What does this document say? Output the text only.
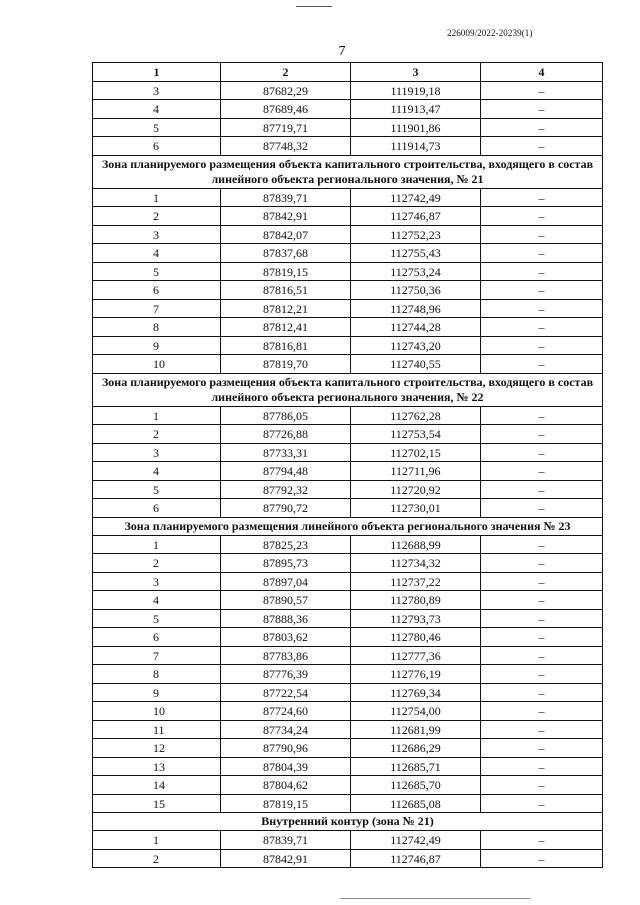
226009/2022-20239(1)
7
1	2	3	4
3	87682,29	111919,18	–
4	87689,46	111913,47	–
5	87719,71	111901,86	–
6	87748,32	111914,73	–
Зона планируемого размещения объекта капитального строительства, входящего в состав линейного объекта регионального значения, № 21			
1	87839,71	112742,49	–
2	87842,91	112746,87	–
3	87842,07	112752,23	–
4	87837,68	112755,43	–
5	87819,15	112753,24	–
6	87816,51	112750,36	–
7	87812,21	112748,96	–
8	87812,41	112744,28	–
9	87816,81	112743,20	–
10	87819,70	112740,55	–
Зона планируемого размещения объекта капитального строительства, входящего в состав линейного объекта регионального значения, № 22			
1	87786,05	112762,28	–
2	87726,88	112753,54	–
3	87733,31	112702,15	–
4	87794,48	112711,96	–
5	87792,32	112720,92	–
6	87790,72	112730,01	–
Зона планируемого размещения линейного объекта регионального значения № 23			
1	87825,23	112688,99	–
2	87895,73	112734,32	–
3	87897,04	112737,22	–
4	87890,57	112780,89	–
5	87888,36	112793,73	–
6	87803,62	112780,46	–
7	87783,86	112777,36	–
8	87776,39	112776,19	–
9	87722,54	112769,34	–
10	87724,60	112754,00	–
11	87734,24	112681,99	–
12	87790,96	112686,29	–
13	87804,39	112685,71	–
14	87804,62	112685,70	–
15	87819,15	112685,08	–
Внутренний контур (зона № 21)			
1	87839,71	112742,49	–
2	87842,91	112746,87	–
